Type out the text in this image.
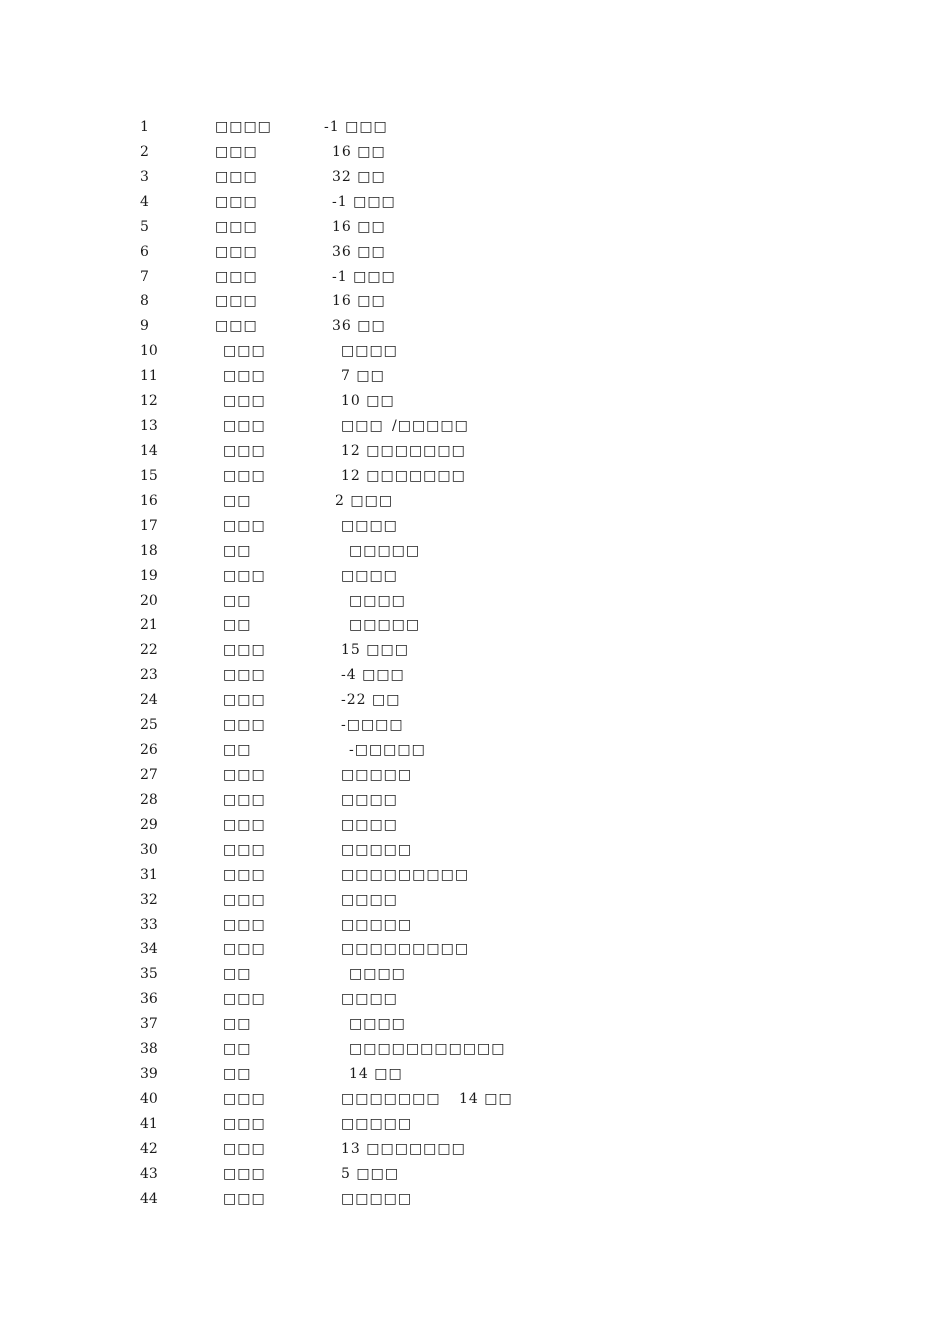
1	□□□□	-1 □□□
2	□□□	16 □□
3	□□□	32 □□
4	□□□	-1 □□□
5	□□□	16 □□
6	□□□	36 □□
7	□□□	-1 □□□
8	□□□	16 □□
9	□□□	36 □□
10	□□□	□□□□
11	□□□	7 □□
12	□□□	10 □□
13	□□□	□□□ /□□□□□
14	□□□	12 □□□□□□□
15	□□□	12 □□□□□□□
16	□□	2 □□□
17	□□□	□□□□
18	□□	□□□□□
19	□□□	□□□□
20	□□	□□□□
21	□□	□□□□□
22	□□□	15 □□□
23	□□□	-4 □□□
24	□□□	-22 □□
25	□□□	-□□□□
26	□□	-□□□□□
27	□□□	□□□□□
28	□□□	□□□□
29	□□□	□□□□
30	□□□	□□□□□
31	□□□	□□□□□□□□□
32	□□□	□□□□
33	□□□	□□□□□
34	□□□	□□□□□□□□□
35	□□	□□□□
36	□□□	□□□□
37	□□	□□□□
38	□□	□□□□□□□□□□□
39	□□	14 □□
40	□□□	□□□□□□□ 14 □□
41	□□□	□□□□□
42	□□□	13 □□□□□□□
43	□□□	5 □□□
44	□□□	□□□□□
